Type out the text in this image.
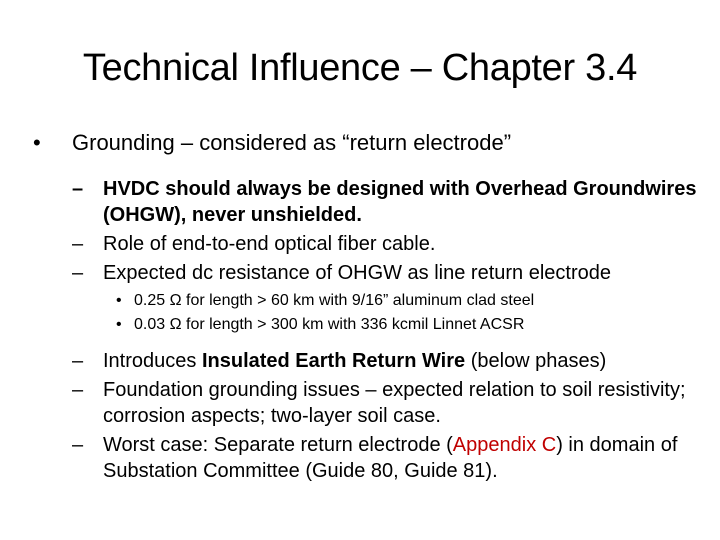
Technical Influence – Chapter 3.4
• Grounding – considered as “return electrode”
– HVDC should always be designed with Overhead Groundwires (OHGW), never unshielded.
– Role of end-to-end optical fiber cable.
– Expected dc resistance of OHGW as line return electrode
• 0.25 Ω for length > 60 km with 9/16” aluminum clad steel
• 0.03 Ω for length > 300 km with 336 kcmil Linnet ACSR
– Introduces Insulated Earth Return Wire (below phases)
– Foundation grounding issues – expected relation to soil resistivity; corrosion aspects; two-layer soil case.
– Worst case: Separate return electrode (Appendix C) in domain of Substation Committee (Guide 80, Guide 81).
